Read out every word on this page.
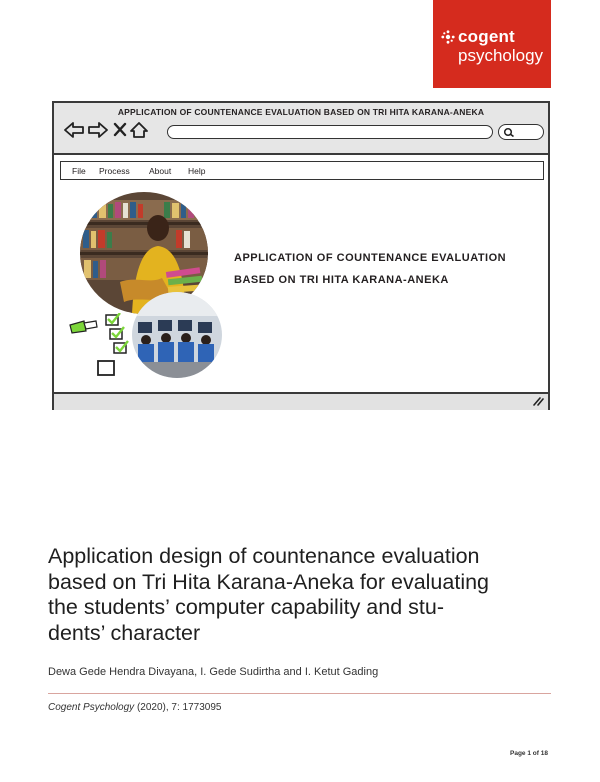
cogent
psychology
APPLICATION OF COUNTENANCE EVALUATION BASED ON TRI HITA KARANA-ANEKA
File Process About Help
APPLICATION OF COUNTENANCE EVALUATION
BASED ON TRI HITA KARANA-ANEKA
Application design of countenance evaluation
based on Tri Hita Karana-Aneka for evaluating
the students’ computer capability and stu-
dents’ character
Dewa Gede Hendra Divayana, I. Gede Sudirtha and I. Ketut Gading
Cogent Psychology (2020), 7: 1773095
Page 1 of 18
